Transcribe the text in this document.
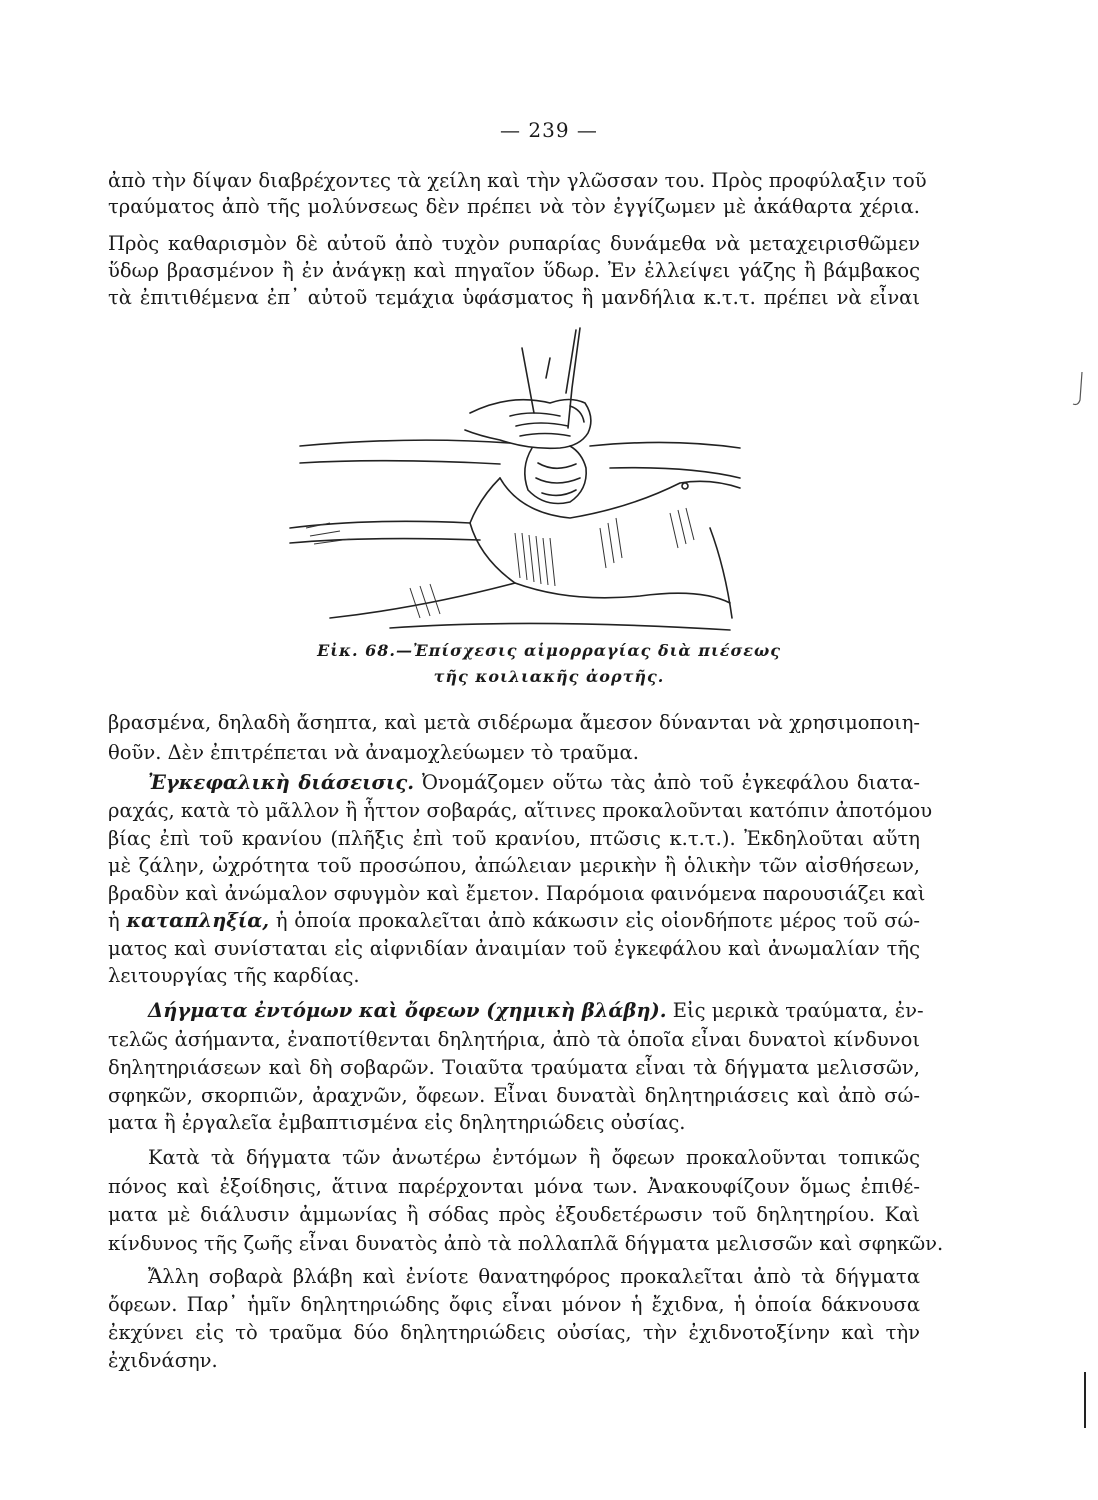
— 239 —
ἀπὸ τὴν δίψαν διαβρέχοντες τὰ χείλη καὶ τὴν γλῶσσαν του. Πρὸς προφύλαξιν τοῦ
τραύματος ἀπὸ τῆς μολύνσεως δὲν πρέπει νὰ τὸν ἐγγίζωμεν μὲ ἀκάθαρτα χέρια.
Πρὸς καθαρισμὸν δὲ αὐτοῦ ἀπὸ τυχὸν ρυπαρίας δυνάμεθα νὰ μεταχειρισθῶμεν
ὕδωρ βρασμένον ἢ ἐν ἀνάγκῃ καὶ πηγαῖον ὕδωρ. Ἐν ἐλλείψει γάζης ἢ βάμβακος
τὰ ἐπιτιθέμενα ἐπ᾽ αὐτοῦ τεμάχια ὑφάσματος ἢ μανδήλια κ.τ.τ. πρέπει νὰ εἶναι
Εἰκ. 68.—Ἐπίσχεσις αἱμορραγίας διὰ πιέσεως
τῆς κοιλιακῆς ἀορτῆς.
βρασμένα, δηλαδὴ ἄσηπτα, καὶ μετὰ σιδέρωμα ἄμεσον δύνανται νὰ χρησιμοποιη-
θοῦν. Δὲν ἐπιτρέπεται νὰ ἀναμοχλεύωμεν τὸ τραῦμα.
Ἐγκεφαλικὴ διάσεισις. Ὀνομάζομεν οὕτω τὰς ἀπὸ τοῦ ἐγκεφάλου διατα-
ραχάς, κατὰ τὸ μᾶλλον ἢ ἧττον σοβαράς, αἵτινες προκαλοῦνται κατόπιν ἀποτόμου
βίας ἐπὶ τοῦ κρανίου (πλῆξις ἐπὶ τοῦ κρανίου, πτῶσις κ.τ.τ.). Ἐκδηλοῦται αὕτη
μὲ ζάλην, ὠχρότητα τοῦ προσώπου, ἀπώλειαν μερικὴν ἢ ὁλικὴν τῶν αἰσθήσεων,
βραδὺν καὶ ἀνώμαλον σφυγμὸν καὶ ἔμετον. Παρόμοια φαινόμενα παρουσιάζει καὶ
ἡ καταπληξία, ἡ ὁποία προκαλεῖται ἀπὸ κάκωσιν εἰς οἱονδήποτε μέρος τοῦ σώ-
ματος καὶ συνίσταται εἰς αἰφνιδίαν ἀναιμίαν τοῦ ἐγκεφάλου καὶ ἀνωμαλίαν τῆς
λειτουργίας τῆς καρδίας.
Δήγματα ἐντόμων καὶ ὄφεων (χημικὴ βλάβη). Εἰς μερικὰ τραύματα, ἐν-
τελῶς ἀσήμαντα, ἐναποτίθενται δηλητήρια, ἀπὸ τὰ ὁποῖα εἶναι δυνατοὶ κίνδυνοι
δηλητηριάσεων καὶ δὴ σοβαρῶν. Τοιαῦτα τραύματα εἶναι τὰ δήγματα μελισσῶν,
σφηκῶν, σκορπιῶν, ἀραχνῶν, ὄφεων. Εἶναι δυνατὰὶ δηλητηριάσεις καὶ ἀπὸ σώ-
ματα ἢ ἐργαλεῖα ἐμβαπτισμένα εἰς δηλητηριώδεις οὐσίας.
Κατὰ τὰ δήγματα τῶν ἀνωτέρω ἐντόμων ἢ ὄφεων προκαλοῦνται τοπικῶς
πόνος καὶ ἐξοίδησις, ἅτινα παρέρχονται μόνα των. Ἀνακουφίζουν ὅμως ἐπιθέ-
ματα μὲ διάλυσιν ἀμμωνίας ἢ σόδας πρὸς ἐξουδετέρωσιν τοῦ δηλητηρίου. Καὶ
κίνδυνος τῆς ζωῆς εἶναι δυνατὸς ἀπὸ τὰ πολλαπλᾶ δήγματα μελισσῶν καὶ σφηκῶν.
Ἄλλη σοβαρὰ βλάβη καὶ ἐνίοτε θανατηφόρος προκαλεῖται ἀπὸ τὰ δήγματα
ὄφεων. Παρ᾽ ἡμῖν δηλητηριώδης ὄφις εἶναι μόνον ἡ ἔχιδνα, ἡ ὁποία δάκνουσα
ἐκχύνει εἰς τὸ τραῦμα δύο δηλητηριώδεις οὐσίας, τὴν ἐχιδνοτοξίνην καὶ τὴν
ἐχιδνάσην.
